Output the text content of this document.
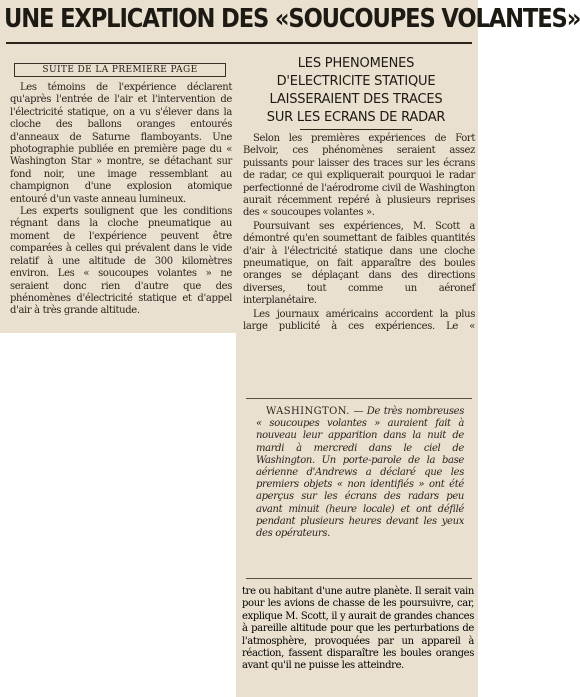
UNE EXPLICATION DES «SOUCOUPES VOLANTES»
SUITE DE LA PREMIERE PAGE

Les témoins de l'expérience déclarent qu'après l'entrée de l'air et l'intervention de l'électricité statique, on a vu s'élever dans la cloche des ballons oranges entourés d'anneaux de Saturne flamboyants. Une photographie publiée en première page du « Washington Star » montre, se détachant sur fond noir, une image ressemblant au champignon d'une explosion atomique entouré d'un vaste anneau lumineux.

Les experts soulignent que les conditions régnant dans la cloche pneumatique au moment de l'expérience peuvent être comparées à celles qui prévalent dans le vide relatif à une altitude de 300 kilomètres environ. Les « soucoupes volantes » ne seraient donc rien d'autre que des phénomènes d'électricité statique et d'appel d'air à très grande altitude.

LES PHENOMENES
D'ELECTRICITE STATIQUE
LAISSERAIENT DES TRACES
SUR LES ECRANS DE RADAR

Selon les premières expériences de Fort Belvoir, ces phénomènes seraient assez puissants pour laisser des traces sur les écrans de radar, ce qui expliquerait pourquoi le radar perfectionné de l'aérodrome civil de Washington aurait récemment repéré à plusieurs reprises des « soucoupes volantes ».

Poursuivant ses expériences, M. Scott a démontré qu'en soumettant de faibles quantités d'air à l'électricité statique dans une cloche pneumatique, on fait apparaître des boules oranges se déplaçant dans des directions diverses, tout comme un aéronef interplanétaire.

Les journaux américains accordent la plus large publicité à ces expériences. Le «

WASHINGTON. — De très nombreuses « soucoupes volantes » auraient fait à nouveau leur apparition dans la nuit de mardi à mercredi dans le ciel de Washington. Un porte-parole de la base aérienne d'Andrews a déclaré que les premiers objets « non identifiés » ont été aperçus sur les écrans des radars peu avant minuit (heure locale) et ont défilé pendant plusieurs heures devant les yeux des opérateurs.

tre ou habitant d'une autre planète. Il serait vain pour les avions de chasse de les poursuivre, car, explique M. Scott, il y aurait de grandes chances à pareille altitude pour que les perturbations de l'atmosphère, provoquées par un appareil à réaction, fassent disparaître les boules oranges avant qu'il ne puisse les atteindre.
